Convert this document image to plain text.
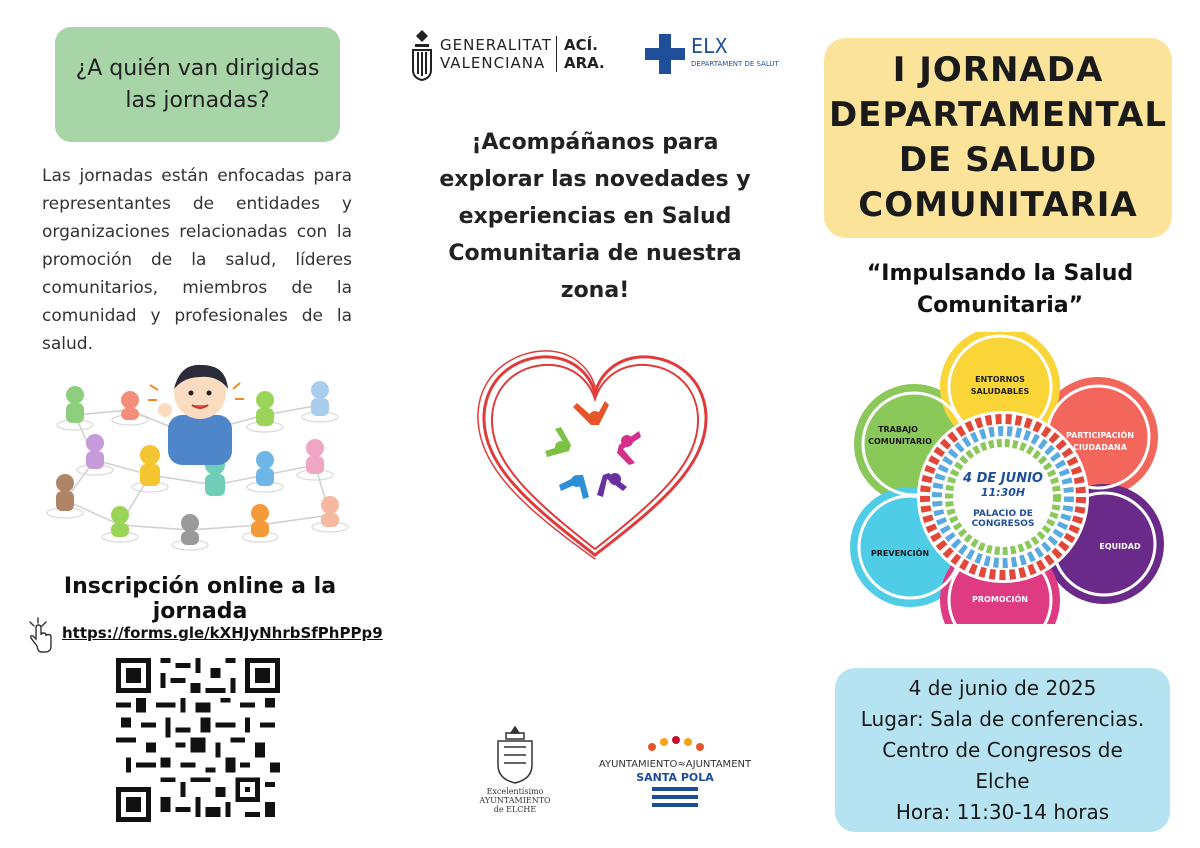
¿A quién van dirigidas las jornadas?
Las jornadas están enfocadas para representantes de entidades y organizaciones relacionadas con la promoción de la salud, líderes comunitarios, miembros de la comunidad y profesionales de la salud.
Inscripción online a la jornada
https://forms.gle/kXHJyNhrbSfPhPPp9
GENERALITAT
VALENCIANA
ACÍ.
ARA.
ELX
DEPARTAMENT DE SALUT
¡Acompáñanos para explorar las novedades y experiencias en Salud Comunitaria de nuestra zona!
Excelentísimo
AYUNTAMIENTO
de ELCHE
AYUNTAMIENTO≈AJUNTAMENT
SANTA POLA
I JORNADA
DEPARTAMENTAL
DE SALUD
COMUNITARIA
“Impulsando la Salud Comunitaria”
4 DE JUNIO
11:30H
PALACIO DE
CONGRESOS
ENTORNOS
SALUDABLES
PARTICIPACIÓN
CIUDADANA
EQUIDAD
PROMOCIÓN
PREVENCIÓN
TRABAJO
COMUNITARIO
4 de junio de 2025
Lugar: Sala de conferencias.
Centro de Congresos de
Elche
Hora: 11:30-14 horas
